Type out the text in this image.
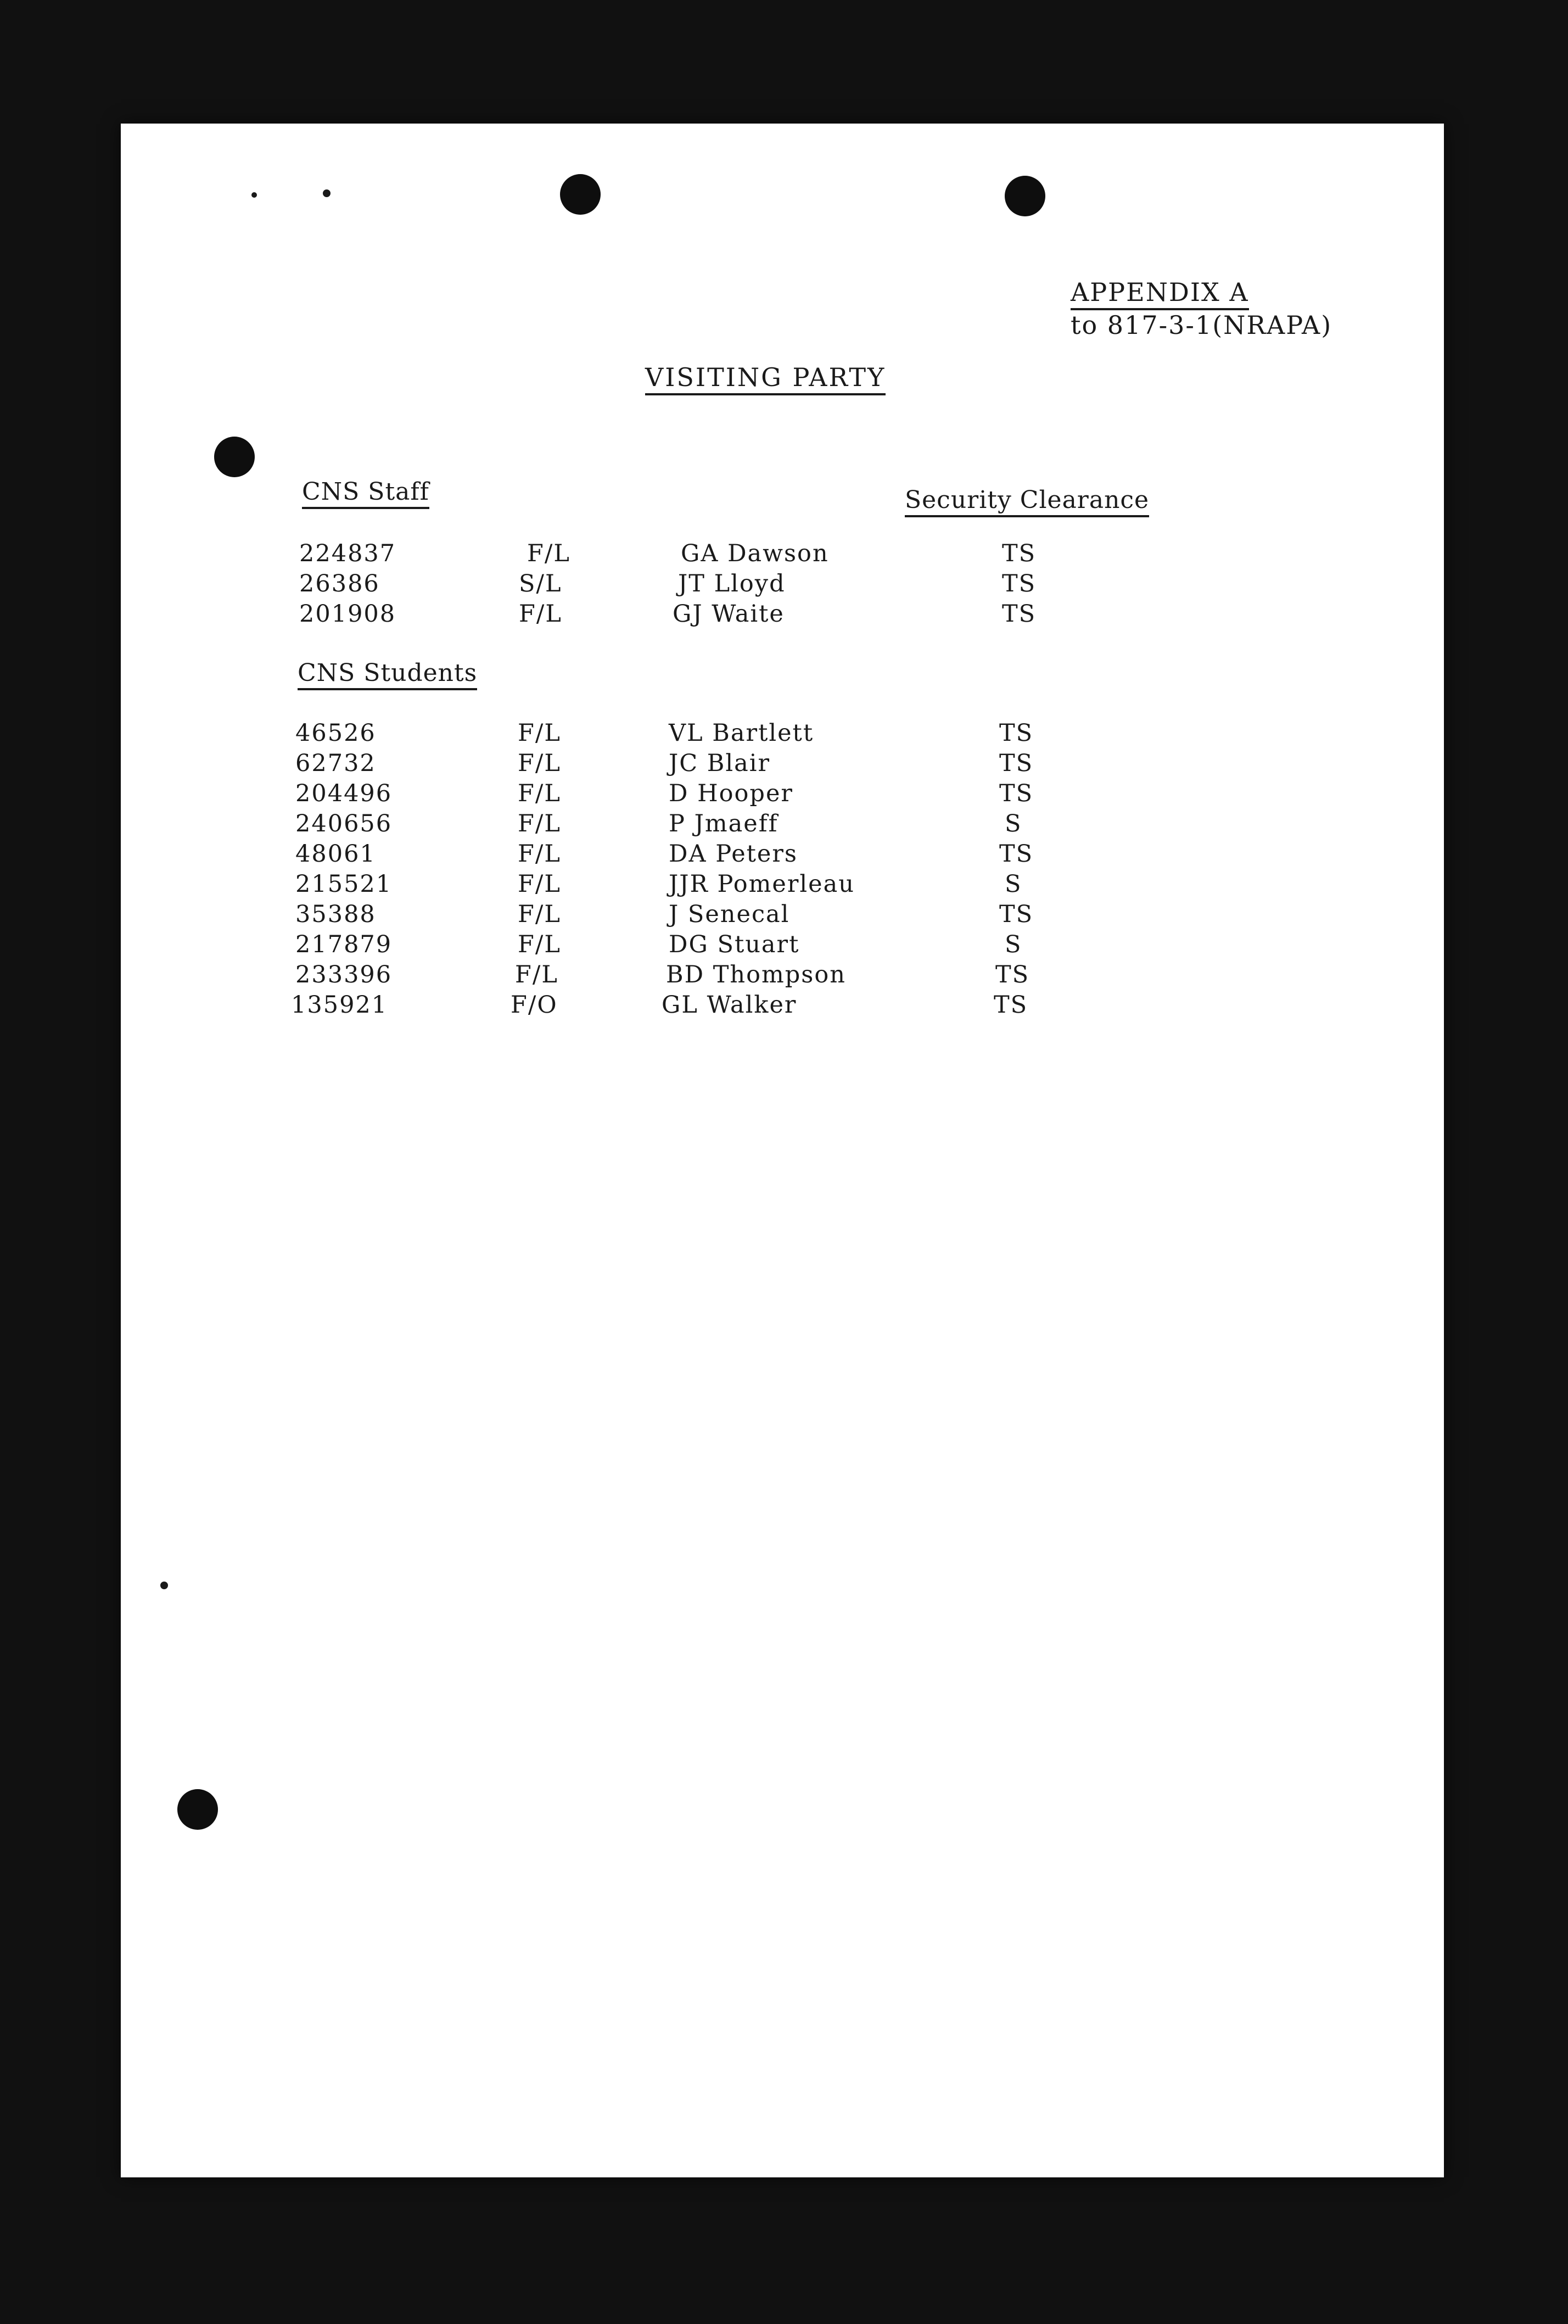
APPENDIX A
to 817-3-1(NRAPA)
VISITING PARTY
CNS Staff	Security Clearance
224837	F/L	GA Dawson	TS
26386	S/L	JT Lloyd	TS
201908	F/L	GJ Waite	TS
CNS Students
46526	F/L	VL Bartlett	TS
62732	F/L	JC Blair	TS
204496	F/L	D Hooper	TS
240656	F/L	P Jmaeff	S
48061	F/L	DA Peters	TS
215521	F/L	JJR Pomerleau	S
35388	F/L	J Senecal	TS
217879	F/L	DG Stuart	S
233396	F/L	BD Thompson	TS
135921	F/O	GL Walker	TS
